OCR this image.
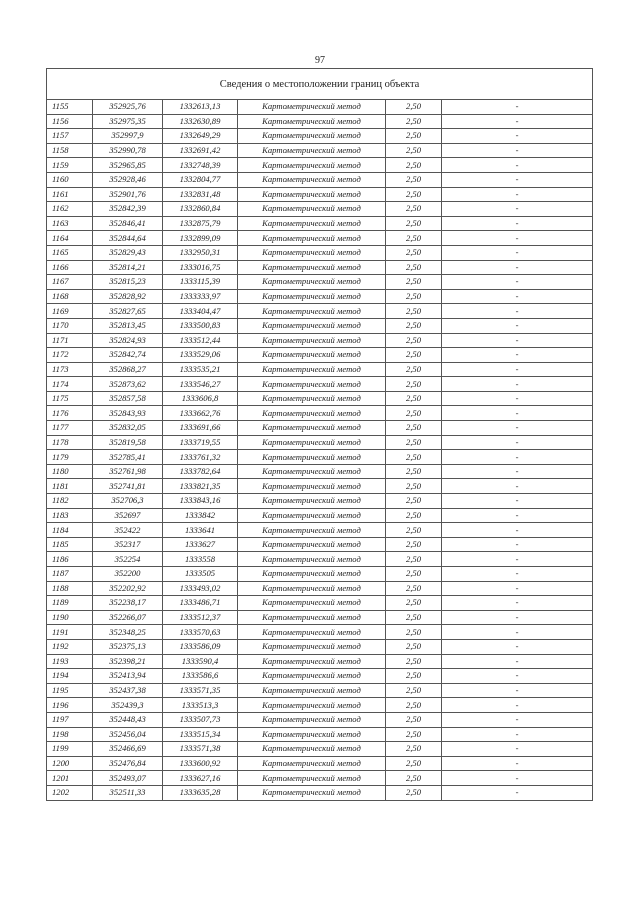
97
Сведения о местоположении границ объекта					
1155	352925,76	1332613,13	Картометрический метод	2,50	-
1156	352975,35	1332630,89	Картометрический метод	2,50	-
1157	352997,9	1332649,29	Картометрический метод	2,50	-
1158	352990,78	1332691,42	Картометрический метод	2,50	-
1159	352965,85	1332748,39	Картометрический метод	2,50	-
1160	352928,46	1332804,77	Картометрический метод	2,50	-
1161	352901,76	1332831,48	Картометрический метод	2,50	-
1162	352842,39	1332860,84	Картометрический метод	2,50	-
1163	352846,41	1332875,79	Картометрический метод	2,50	-
1164	352844,64	1332899,09	Картометрический метод	2,50	-
1165	352829,43	1332950,31	Картометрический метод	2,50	-
1166	352814,21	1333016,75	Картометрический метод	2,50	-
1167	352815,23	1333115,39	Картометрический метод	2,50	-
1168	352828,92	1333333,97	Картометрический метод	2,50	-
1169	352827,65	1333404,47	Картометрический метод	2,50	-
1170	352813,45	1333500,83	Картометрический метод	2,50	-
1171	352824,93	1333512,44	Картометрический метод	2,50	-
1172	352842,74	1333529,06	Картометрический метод	2,50	-
1173	352868,27	1333535,21	Картометрический метод	2,50	-
1174	352873,62	1333546,27	Картометрический метод	2,50	-
1175	352857,58	1333606,8	Картометрический метод	2,50	-
1176	352843,93	1333662,76	Картометрический метод	2,50	-
1177	352832,05	1333691,66	Картометрический метод	2,50	-
1178	352819,58	1333719,55	Картометрический метод	2,50	-
1179	352785,41	1333761,32	Картометрический метод	2,50	-
1180	352761,98	1333782,64	Картометрический метод	2,50	-
1181	352741,81	1333821,35	Картометрический метод	2,50	-
1182	352706,3	1333843,16	Картометрический метод	2,50	-
1183	352697	1333842	Картометрический метод	2,50	-
1184	352422	1333641	Картометрический метод	2,50	-
1185	352317	1333627	Картометрический метод	2,50	-
1186	352254	1333558	Картометрический метод	2,50	-
1187	352200	1333505	Картометрический метод	2,50	-
1188	352202,92	1333493,02	Картометрический метод	2,50	-
1189	352238,17	1333486,71	Картометрический метод	2,50	-
1190	352266,07	1333512,37	Картометрический метод	2,50	-
1191	352348,25	1333570,63	Картометрический метод	2,50	-
1192	352375,13	1333586,09	Картометрический метод	2,50	-
1193	352398,21	1333590,4	Картометрический метод	2,50	-
1194	352413,94	1333586,6	Картометрический метод	2,50	-
1195	352437,38	1333571,35	Картометрический метод	2,50	-
1196	352439,3	1333513,3	Картометрический метод	2,50	-
1197	352448,43	1333507,73	Картометрический метод	2,50	-
1198	352456,04	1333515,34	Картометрический метод	2,50	-
1199	352466,69	1333571,38	Картометрический метод	2,50	-
1200	352476,84	1333600,92	Картометрический метод	2,50	-
1201	352493,07	1333627,16	Картометрический метод	2,50	-
1202	352511,33	1333635,28	Картометрический метод	2,50	-
